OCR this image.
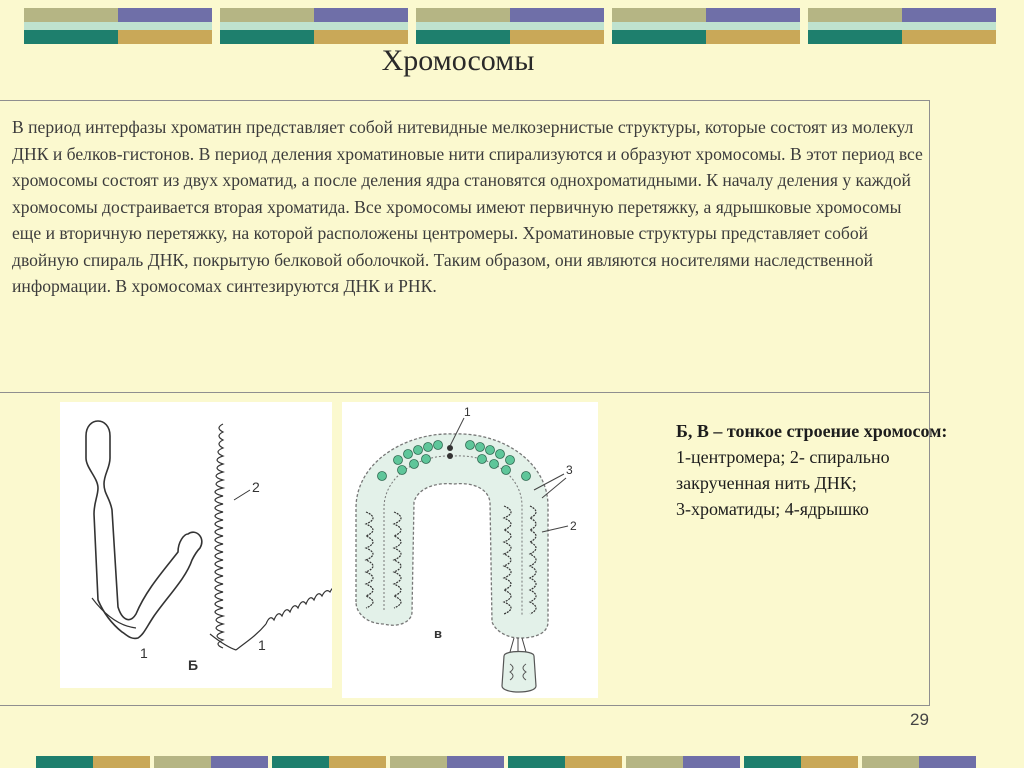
Хромосомы

В период интерфазы хроматин представляет собой нитевидные мелкозернистые структуры, которые состоят из молекул ДНК и белков-гистонов. В период деления хроматиновые нити спирализуются и образуют хромосомы. В этот период все хромосомы состоят из двух хроматид, а после деления ядра становятся однохроматидными. К началу деления у каждой хромосомы достраивается вторая хроматида. Все хромосомы имеют первичную перетяжку, а ядрышковые хромосомы еще и вторичную перетяжку, на которой расположены центромеры. Хроматиновые структуры представляет собой двойную спираль ДНК, покрытую белковой оболочкой. Таким образом, они являются носителями наследственной информации. В хромосомах синтезируются ДНК и РНК.

2
1	1
Б
1
3
2
в

Б, В – тонкое строение хромосом:

1-центромера; 2- спирально закрученная нить ДНК;

3-хроматиды; 4-ядрышко

29
